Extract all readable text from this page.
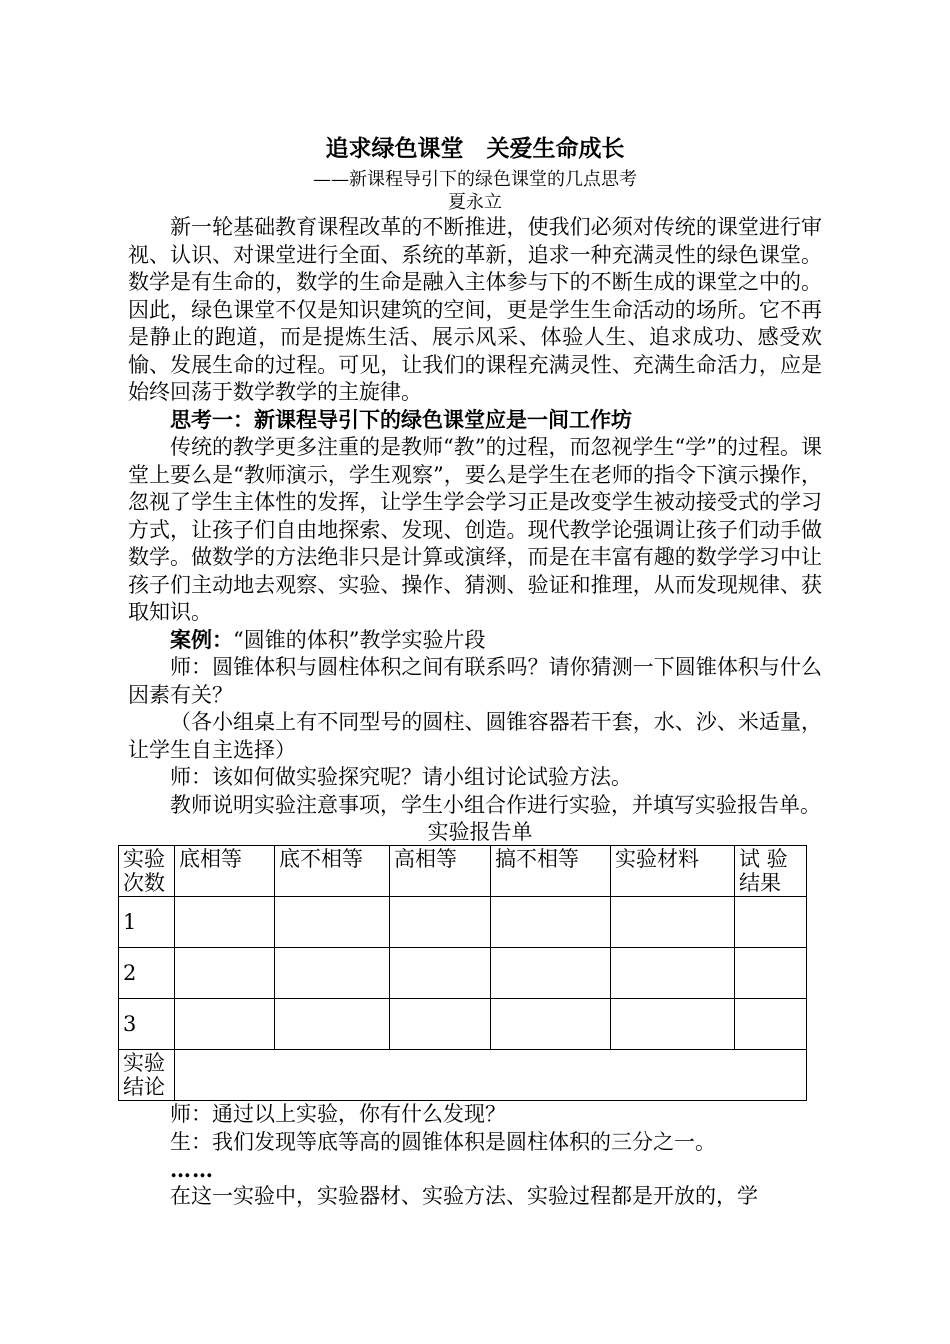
追求绿色课堂　关爱生命成长

——新课程导引下的绿色课堂的几点思考

夏永立

新一轮基础教育课程改革的不断推进，使我们必须对传统的课堂进行审视、认识、对课堂进行全面、系统的革新，追求一种充满灵性的绿色课堂。数学是有生命的，数学的生命是融入主体参与下的不断生成的课堂之中的。因此，绿色课堂不仅是知识建筑的空间，更是学生生命活动的场所。它不再是静止的跑道，而是提炼生活、展示风采、体验人生、追求成功、感受欢愉、发展生命的过程。可见，让我们的课程充满灵性、充满生命活力，应是始终回荡于数学教学的主旋律。

思考一：新课程导引下的绿色课堂应是一间工作坊

传统的教学更多注重的是教师“教”的过程，而忽视学生“学”的过程。课堂上要么是“教师演示，学生观察”，要么是学生在老师的指令下演示操作，忽视了学生主体性的发挥，让学生学会学习正是改变学生被动接受式的学习方式，让孩子们自由地探索、发现、创造。现代教学论强调让孩子们动手做数学。做数学的方法绝非只是计算或演绎，而是在丰富有趣的数学学习中让孩子们主动地去观察、实验、操作、猜测、验证和推理，从而发现规律、获取知识。

案例：“圆锥的体积”教学实验片段

师：圆锥体积与圆柱体积之间有联系吗？请你猜测一下圆锥体积与什么因素有关？

（各小组桌上有不同型号的圆柱、圆锥容器若干套，水、沙、米适量，让学生自主选择）

师：该如何做实验探究呢？请小组讨论试验方法。

教师说明实验注意事项，学生小组合作进行实验，并填写实验报告单。

实验报告单

实验次数	底相等	底不相等	高相等	搞不相等	实验材料	试 验结果
1						
2						
3						
实验结论						

师：通过以上实验，你有什么发现？

生：我们发现等底等高的圆锥体积是圆柱体积的三分之一。

……

在这一实验中，实验器材、实验方法、实验过程都是开放的，学
